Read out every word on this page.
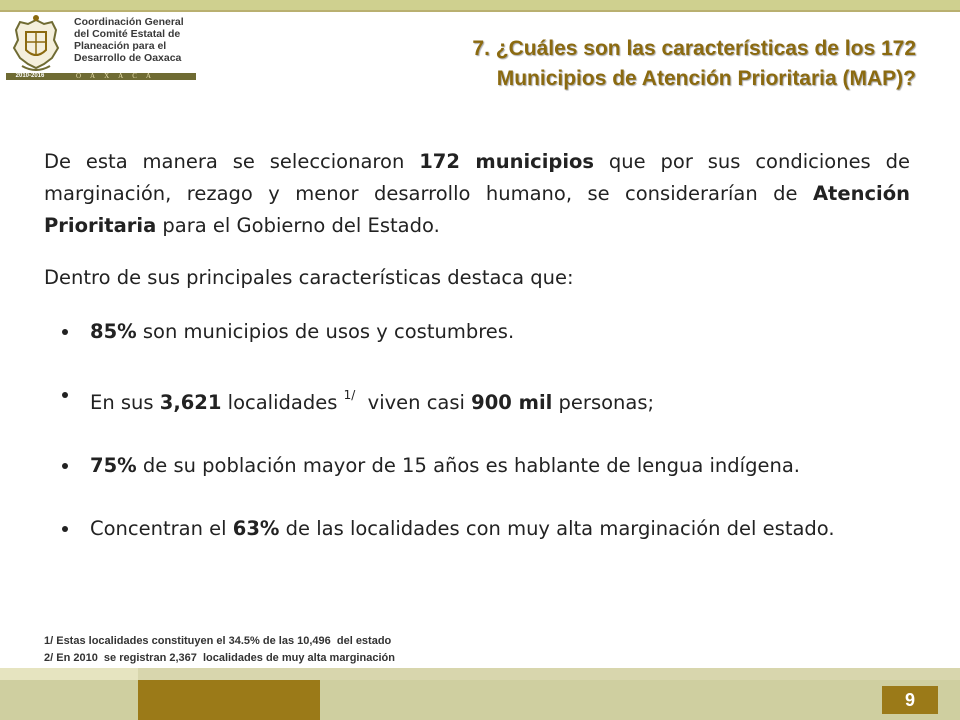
Coordinación General
del Comité Estatal de
Planeación para el
Desarrollo de Oaxaca
2010-2016	OAXACA
7. ¿Cuáles son las características de los 172
Municipios de Atención Prioritaria (MAP)?

De esta manera se seleccionaron 172 municipios que por sus condiciones de marginación, rezago y menor desarrollo humano, se considerarían de Atención Prioritaria para el Gobierno del Estado.

Dentro de sus principales características destaca que:

85% son municipios de usos y costumbres.
En sus 3,621 localidades $^{1/}$  viven casi 900 mil personas;
75% de su población mayor de 15 años es hablante de lengua indígena.
Concentran el 63% de las localidades con muy alta marginación del estado.
1/ Estas localidades constituyen el 34.5% de las 10,496  del estado
2/ En 2010  se registran 2,367  localidades de muy alta marginación
9
